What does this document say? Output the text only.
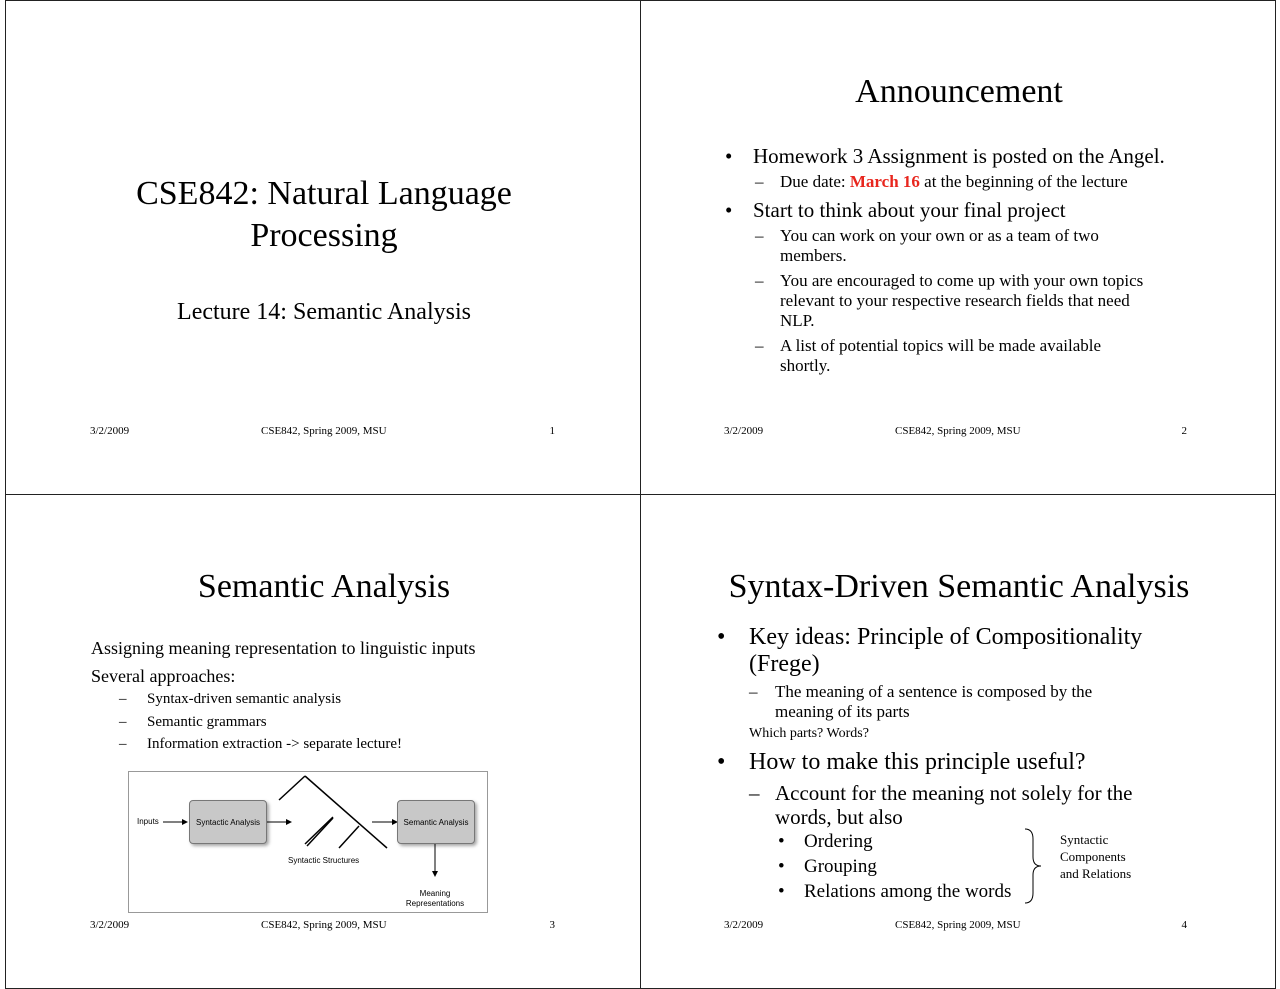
CSE842: Natural Language
Processing
Lecture 14: Semantic Analysis
3/2/2009	CSE842, Spring 2009, MSU	1
Announcement
• Homework 3 Assignment is posted on the Angel.
– Due date: March 16 at the beginning of the lecture
• Start to think about your final project
– You can work on your own or as a team of two
members.
– You are encouraged to come up with your own topics
relevant to your respective research fields that need
NLP.
– A list of potential topics will be made available
shortly.
3/2/2009	CSE842, Spring 2009, MSU	2
Semantic Analysis
Assigning meaning representation to linguistic inputs
Several approaches:
– Syntax-driven semantic analysis
– Semantic grammars
– Information extraction -> separate lecture!
Inputs	Syntactic Analysis	Semantic Analysis
Syntactic Structures
Meaning
Representations
3/2/2009	CSE842, Spring 2009, MSU	3
Syntax-Driven Semantic Analysis
• Key ideas: Principle of Compositionality
(Frege)
– The meaning of a sentence is composed by the
meaning of its parts
Which parts? Words?
• How to make this principle useful?
– Account for the meaning not solely for the
words, but also
• Ordering
• Grouping
• Relations among the words
Syntactic
Components
and Relations
3/2/2009	CSE842, Spring 2009, MSU	4
